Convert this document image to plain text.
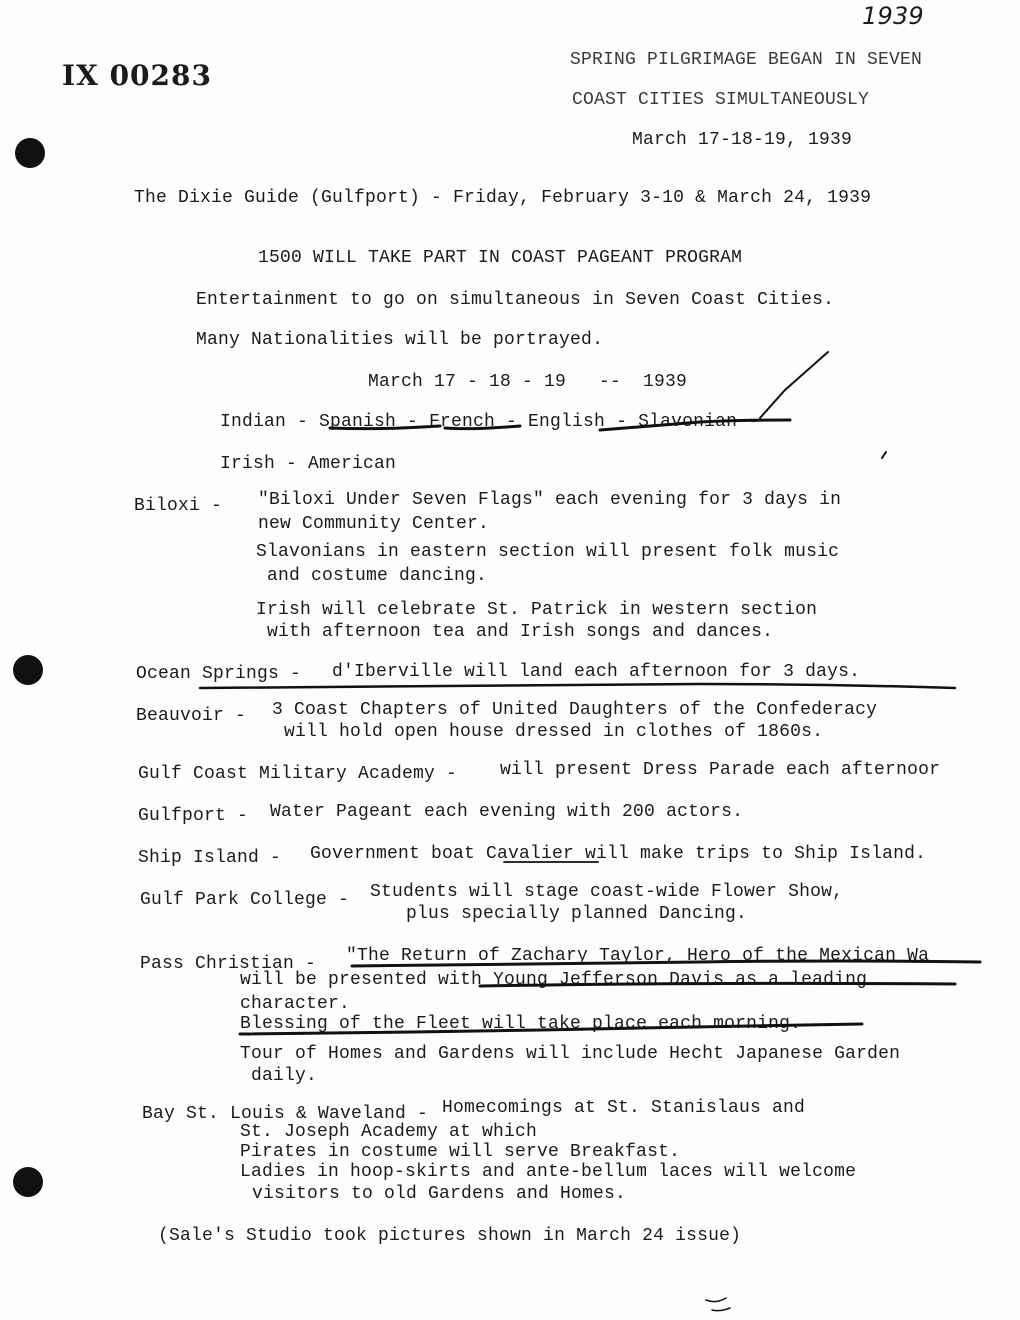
1939
IX 00283	SPRING PILGRIMAGE BEGAN IN SEVEN
COAST CITIES SIMULTANEOUSLY
March 17-18-19, 1939
The Dixie Guide (Gulfport) - Friday, February 3-10 & March 24, 1939
1500 WILL TAKE PART IN COAST PAGEANT PROGRAM
Entertainment to go on simultaneous in Seven Coast Cities.
Many Nationalities will be portrayed.
March 17 - 18 - 19   --  1939
Indian - Spanish - French - English - Slavonian -
Irish - American
Biloxi - "Biloxi Under Seven Flags" each evening for 3 days in
new Community Center.
Slavonians in eastern section will present folk music
and costume dancing.
Irish will celebrate St. Patrick in western section
with afternoon tea and Irish songs and dances.
Ocean Springs - d'Iberville will land each afternoon for 3 days.
Beauvoir - 3 Coast Chapters of United Daughters of the Confederacy
will hold open house dressed in clothes of 1860s.
Gulf Coast Military Academy - will present Dress Parade each afternoor
Gulfport - Water Pageant each evening with 200 actors.
Ship Island - Government boat Cavalier will make trips to Ship Island.
Gulf Park College - Students will stage coast-wide Flower Show,
plus specially planned Dancing.
Pass Christian - "The Return of Zachary Taylor, Hero of the Mexican Wa
will be presented with Young Jefferson Davis as a leading
character.
Blessing of the Fleet will take place each morning.
Tour of Homes and Gardens will include Hecht Japanese Garden
daily.
Bay St. Louis & Waveland - Homecomings at St. Stanislaus and
St. Joseph Academy at which
Pirates in costume will serve Breakfast.
Ladies in hoop-skirts and ante-bellum laces will welcome
visitors to old Gardens and Homes.
(Sale's Studio took pictures shown in March 24 issue)
